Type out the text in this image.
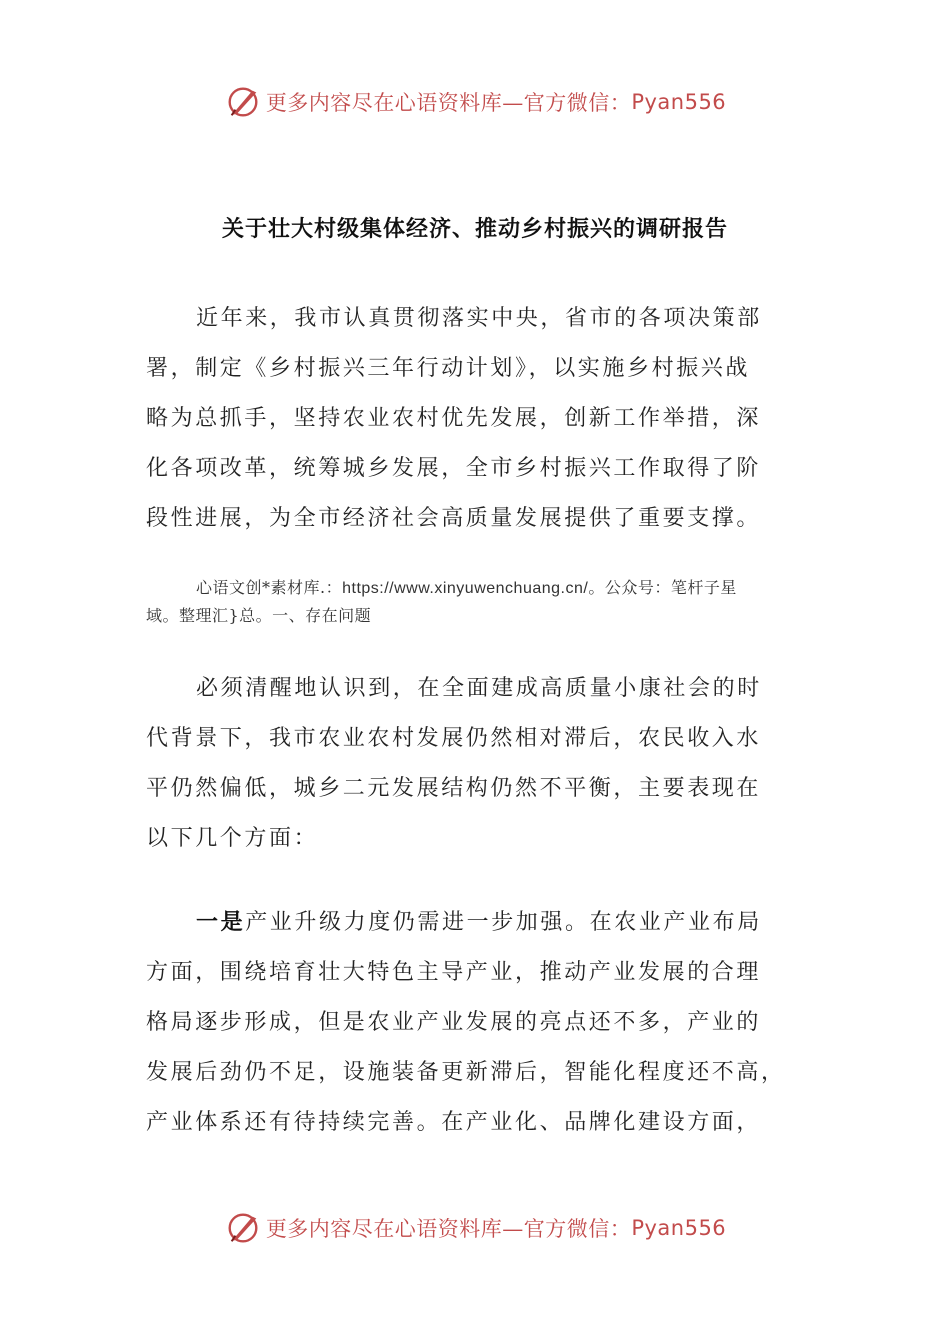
更多内容尽在心语资料库—官方微信： Pyan556
关于壮大村级集体经济、推动乡村振兴的调研报告
近年来，我市认真贯彻落实中央，省市的各项决策部
署，制定《乡村振兴三年行动计划》，以实施乡村振兴战
略为总抓手，坚持农业农村优先发展，创新工作举措，深
化各项改革，统筹城乡发展，全市乡村振兴工作取得了阶
段性进展，为全市经济社会高质量发展提供了重要支撑。
心语文创*素材库.：https://www.xinyuwenchuang.cn/。公众号：笔杆子星
域。整理汇}总。一、存在问题
必须清醒地认识到，在全面建成高质量小康社会的时
代背景下，我市农业农村发展仍然相对滞后，农民收入水
平仍然偏低，城乡二元发展结构仍然不平衡，主要表现在
以下几个方面：
一是产业升级力度仍需进一步加强。在农业产业布局
方面，围绕培育壮大特色主导产业，推动产业发展的合理
格局逐步形成，但是农业产业发展的亮点还不多，产业的
发展后劲仍不足，设施装备更新滞后，智能化程度还不高，
产业体系还有待持续完善。在产业化、品牌化建设方面，
更多内容尽在心语资料库—官方微信： Pyan556
